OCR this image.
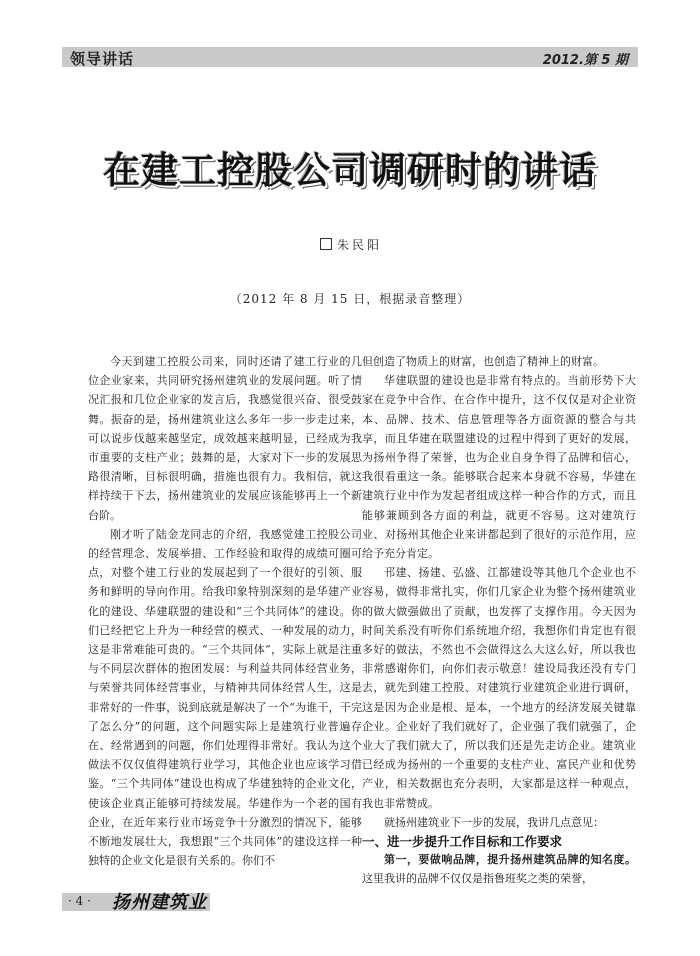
领导讲话	2012.第 5 期
在建工控股公司调研时的讲话
朱民阳
（2012 年 8 月 15 日，根据录音整理）

今天到建工控股公司来，同时还请了建工行业的几位企业家来，共同研究扬州建筑业的发展问题。听了情况汇报和几位企业家的发言后，我感觉很兴奋、很受鼓舞。振奋的是，扬州建筑业这么多年一步一步走过来，可以说步伐越来越坚定，成效越来越明显，已经成为我市重要的支柱产业；鼓舞的是，大家对下一步的发展思路很清晰，目标很明确，措施也很有力。我相信，就这样持续干下去，扬州建筑业的发展应该能够再上一个新台阶。

刚才听了陆金龙同志的介绍，我感觉建工控股公司的经营理念、发展举措、工作经验和取得的成绩可圈可点，对整个建工行业的发展起到了一个很好的引领、服务和鲜明的导向作用。给我印象特别深刻的是华建产业化的建设、华建联盟的建设和“三个共同体”的建设。你们已经把它上升为一种经营的模式、一种发展的动力，这是非常难能可贵的。“三个共同体”，实际上就是注重与不同层次群体的抱团发展：与利益共同体经营业务，与荣誉共同体经营事业，与精神共同体经营人生，这是非常好的一件事，说到底就是解决了一个“为谁干，干完了怎么分”的问题，这个问题实际上是建筑行业普遍存在、经常遇到的问题，你们处理得非常好。我认为这个做法不仅仅值得建筑行业学习，其他企业也应该学习借鉴。“三个共同体”建设也构成了华建独特的企业文化，使该企业真正能够可持续发展。华建作为一个老的国有企业，在近年来行业市场竞争十分激烈的情况下，能够不断地发展壮大，我想跟“三个共同体”的建设这样一种独特的企业文化是很有关系的。你们不

但创造了物质上的财富，也创造了精神上的财富。

华建联盟的建设也是非常有特点的。当前形势下大家在竞争中合作、在合作中提升，这不仅仅是对企业资本、品牌、技术、信息管理等各方面资源的整合与共享，而且华建在联盟建设的过程中得到了更好的发展，为扬州争得了荣誉，也为企业自身争得了品牌和信心，我很看重这一条。能够联合起来本身就不容易，华建在建筑行业中作为发起者组成这样一种合作的方式，而且能够兼顾到各方面的利益，就更不容易。这对建筑行业、对扬州其他企业来讲都起到了很好的示范作用，应给予充分肯定。

邗建、扬建、弘盛、江都建设等其他几个企业也不容易，做得非常扎实，你们几家企业为整个扬州建筑业的做大做强做出了贡献，也发挥了支撑作用。今天因为时间关系没有听你们系统地介绍，我想你们肯定也有很多好的做法，不然也不会做得这么大这么好，所以我也非常感谢你们，向你们表示敬意！建设局我还没有专门去，就先到建工控股、对建筑行业建筑企业进行调研，这是因为企业是根、是本，一个地方的经济发展关键靠企业。企业好了我们就好了，企业强了我们就强了，企业大了我们就大了，所以我们还是先走访企业。建筑业已经成为扬州的一个重要的支柱产业、富民产业和优势产业，相关数据也充分表明，大家都是这样一种观点，我也非常赞成。

就扬州建筑业下一步的发展，我讲几点意见：

一、进一步提升工作目标和工作要求

第一，要做响品牌，提升扬州建筑品牌的知名度。这里我讲的品牌不仅仅是指鲁班奖之类的荣誉，

· 4 · 扬州建筑业
